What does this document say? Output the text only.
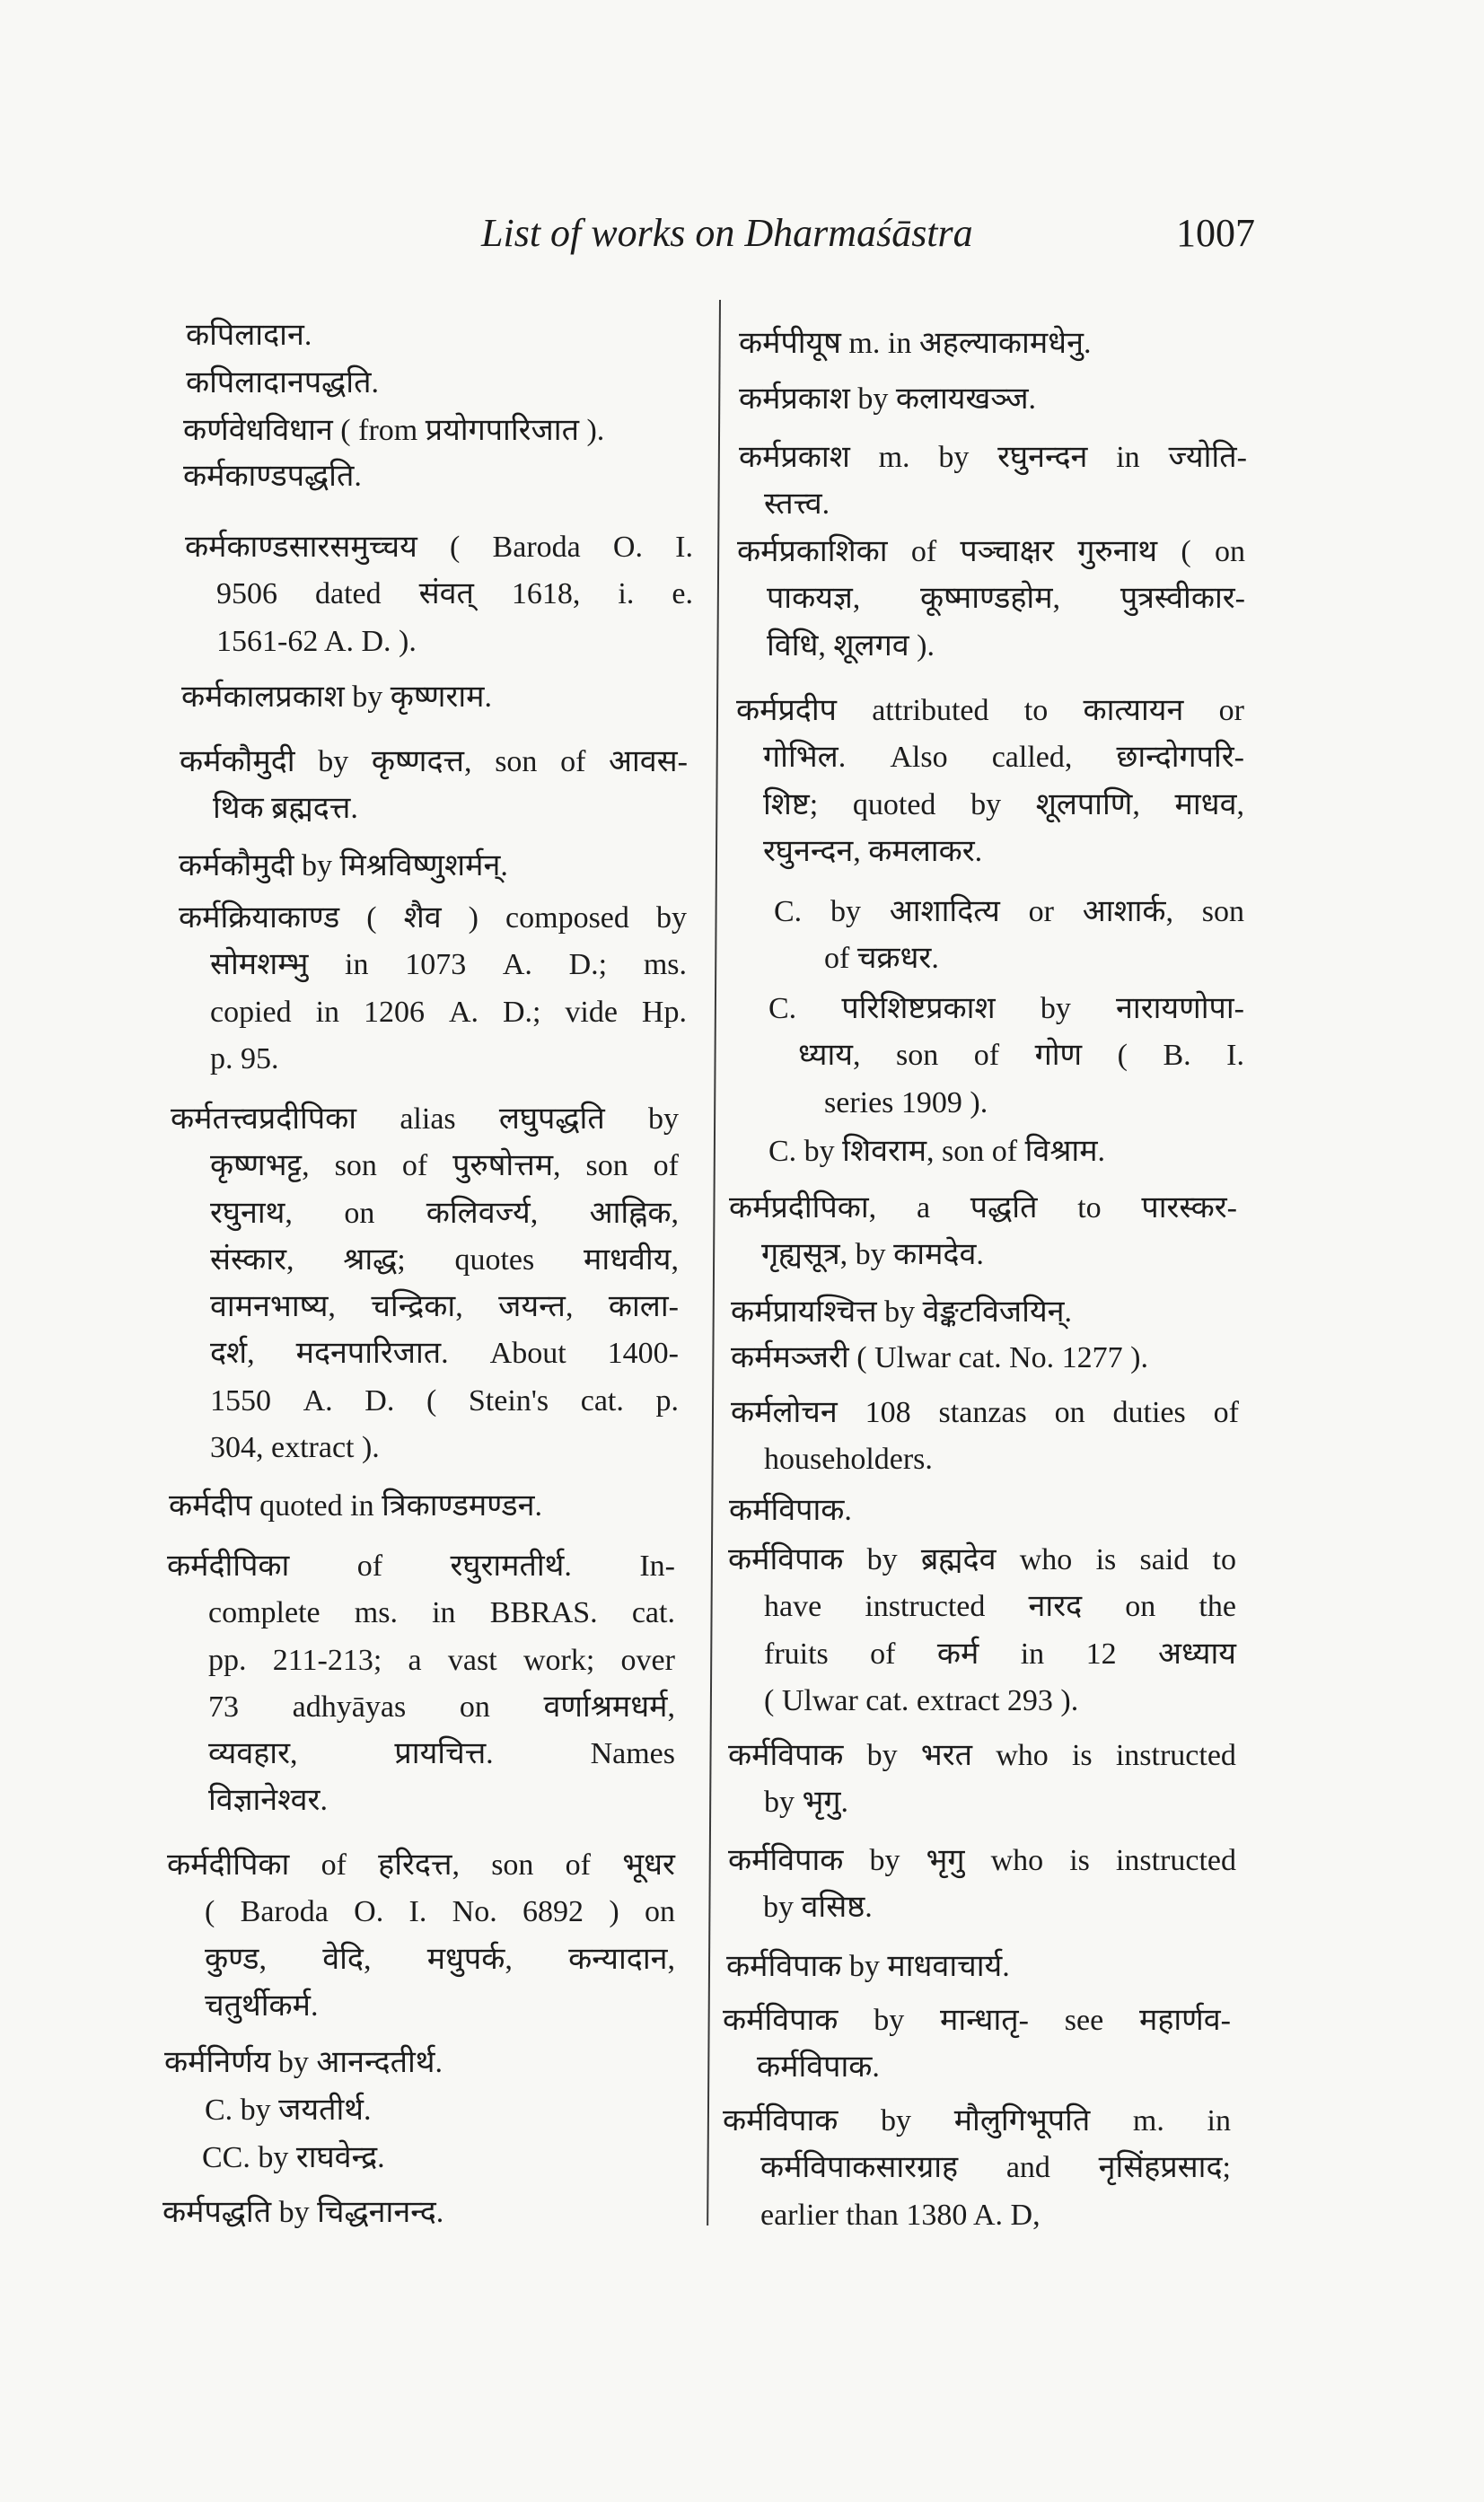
List of works on Dharmaśāstra	1007
कपिलादान.
कपिलादानपद्धति.
कर्णवेधविधान ( from प्रयोगपारिजात ).
कर्मकाण्डपद्धति.
कर्मकाण्डसारसमुच्चय ( Baroda O. I.
9506 dated संवत् 1618, i. e.
1561-62 A. D. ).
कर्मकालप्रकाश by कृष्णराम.
कर्मकौमुदी by कृष्णदत्त, son of आवस-
थिक ब्रह्मदत्त.
कर्मकौमुदी by मिश्रविष्णुशर्मन्.
कर्मक्रियाकाण्ड ( शैव ) composed by
सोमशम्भु in 1073 A. D.; ms.
copied in 1206 A. D.; vide Hp.
p. 95.
कर्मतत्त्वप्रदीपिका alias लघुपद्धति by
कृष्णभट्ट, son of पुरुषोत्तम, son of
रघुनाथ, on कलिवर्ज्य, आह्निक,
संस्कार, श्राद्ध; quotes माधवीय,
वामनभाष्य, चन्द्रिका, जयन्त, काला-
दर्श, मदनपारिजात. About 1400-
1550 A. D. ( Stein's cat. p.
304, extract ).
कर्मदीप quoted in त्रिकाण्डमण्डन.
कर्मदीपिका of रघुरामतीर्थ. In-
complete ms. in BBRAS. cat.
pp. 211-213; a vast work; over
73 adhyāyas on वर्णाश्रमधर्म,
व्यवहार,	प्रायचित्त.	Names
विज्ञानेश्वर.
कर्मदीपिका of हरिदत्त, son of भूधर
( Baroda O. I. No. 6892 ) on
कुण्ड, वेदि, मधुपर्क, कन्यादान,
चतुर्थीकर्म.
कर्मनिर्णय by आनन्दतीर्थ.
C. by जयतीर्थ.
CC. by राघवेन्द्र.
कर्मपद्धति by चिद्धनानन्द.
कर्मपीयूष m. in अहल्याकामधेनु.
कर्मप्रकाश by कलायखञ्ज.
कर्मप्रकाश m. by रघुनन्दन in ज्योति-
स्तत्त्व.
कर्मप्रकाशिका of पञ्चाक्षर गुरुनाथ ( on
पाकयज्ञ, कूष्माण्डहोम, पुत्रस्वीकार-
विधि, शूलगव ).
कर्मप्रदीप attributed to कात्यायन or
गोभिल. Also called, छान्दोगपरि-
शिष्ट; quoted by शूलपाणि, माधव,
रघुनन्दन, कमलाकर.
C. by आशादित्य or आशार्क, son
of चक्रधर.
C. परिशिष्टप्रकाश by नारायणोपा-
ध्याय, son of गोण ( B. I.
series 1909 ).
C. by शिवराम, son of विश्राम.
कर्मप्रदीपिका, a पद्धति to पारस्कर-
गृह्यसूत्र, by कामदेव.
कर्मप्रायश्चित्त by वेङ्कटविजयिन्.
कर्ममञ्जरी ( Ulwar cat. No. 1277 ).
कर्मलोचन 108 stanzas on duties of
householders.
कर्मविपाक.
कर्मविपाक by ब्रह्मदेव who is said to
have instructed नारद on the
fruits of कर्म in 12 अध्याय
( Ulwar cat. extract 293 ).
कर्मविपाक by भरत who is instructed
by भृगु.
कर्मविपाक by भृगु who is instructed
by वसिष्ठ.
कर्मविपाक by माधवाचार्य.
कर्मविपाक by मान्धातृ- see महार्णव-
कर्मविपाक.
कर्मविपाक by मौलुगिभूपति m. in
कर्मविपाकसारग्राह and नृसिंहप्रसाद;
earlier than 1380 A. D,
